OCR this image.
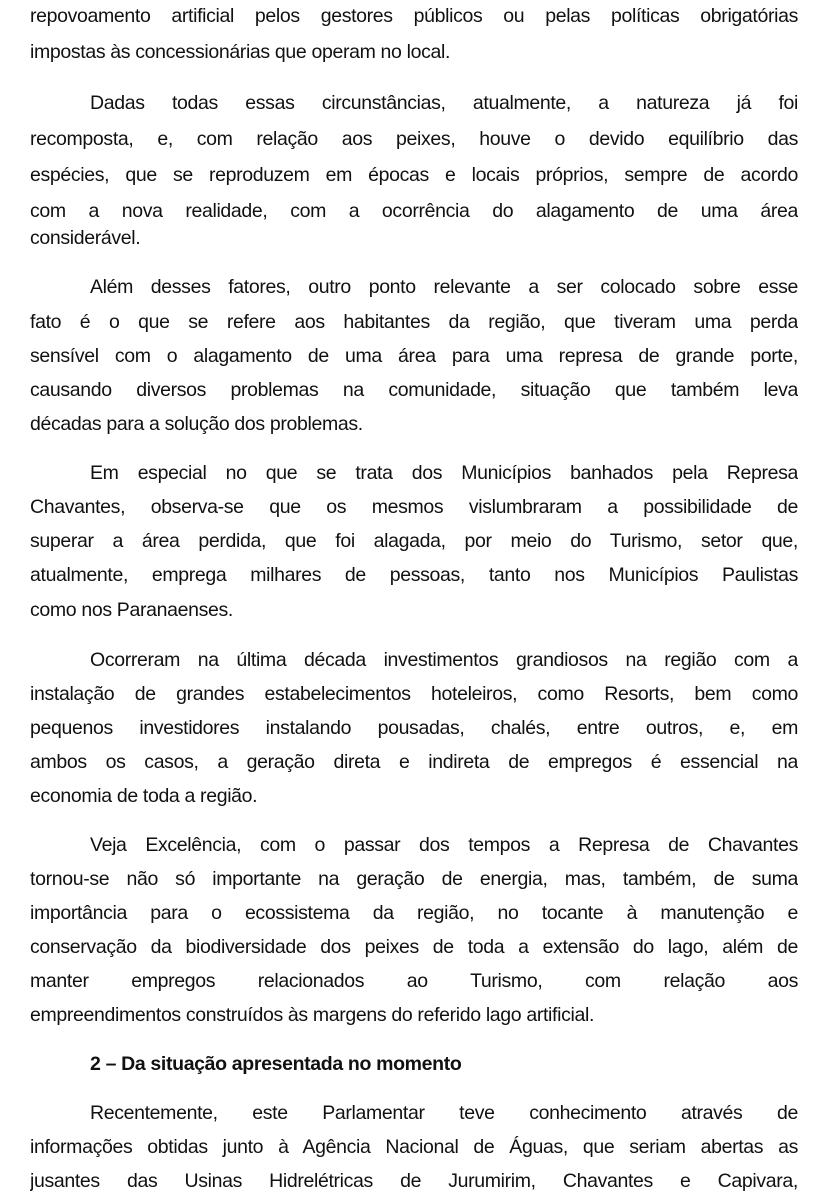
repovoamento artificial pelos gestores públicos ou pelas políticas obrigatórias
impostas às concessionárias que operam no local.
Dadas todas essas circunstâncias, atualmente, a natureza já foi
recomposta, e, com relação aos peixes, houve o devido equilíbrio das
espécies, que se reproduzem em épocas e locais próprios, sempre de acordo
com a nova realidade, com a ocorrência do alagamento de uma área
considerável.
Além desses fatores, outro ponto relevante a ser colocado sobre esse
fato é o que se refere aos habitantes da região, que tiveram uma perda
sensível com o alagamento de uma área para uma represa de grande porte,
causando diversos problemas na comunidade, situação que também leva
décadas para a solução dos problemas.
Em especial no que se trata dos Municípios banhados pela Represa
Chavantes, observa-se que os mesmos vislumbraram a possibilidade de
superar a área perdida, que foi alagada, por meio do Turismo, setor que,
atualmente, emprega milhares de pessoas, tanto nos Municípios Paulistas
como nos Paranaenses.
Ocorreram na última década investimentos grandiosos na região com a
instalação de grandes estabelecimentos hoteleiros, como Resorts, bem como
pequenos investidores instalando pousadas, chalés, entre outros, e, em
ambos os casos, a geração direta e indireta de empregos é essencial na
economia de toda a região.
Veja Excelência, com o passar dos tempos a Represa de Chavantes
tornou-se não só importante na geração de energia, mas, também, de suma
importância para o ecossistema da região, no tocante à manutenção e
conservação da biodiversidade dos peixes de toda a extensão do lago, além de
manter empregos relacionados ao Turismo, com relação aos
empreendimentos construídos às margens do referido lago artificial.
2 – Da situação apresentada no momento
Recentemente, este Parlamentar teve conhecimento através de
informações obtidas junto à Agência Nacional de Águas, que seriam abertas as
jusantes das Usinas Hidrelétricas de Jurumirim, Chavantes e Capivara,
